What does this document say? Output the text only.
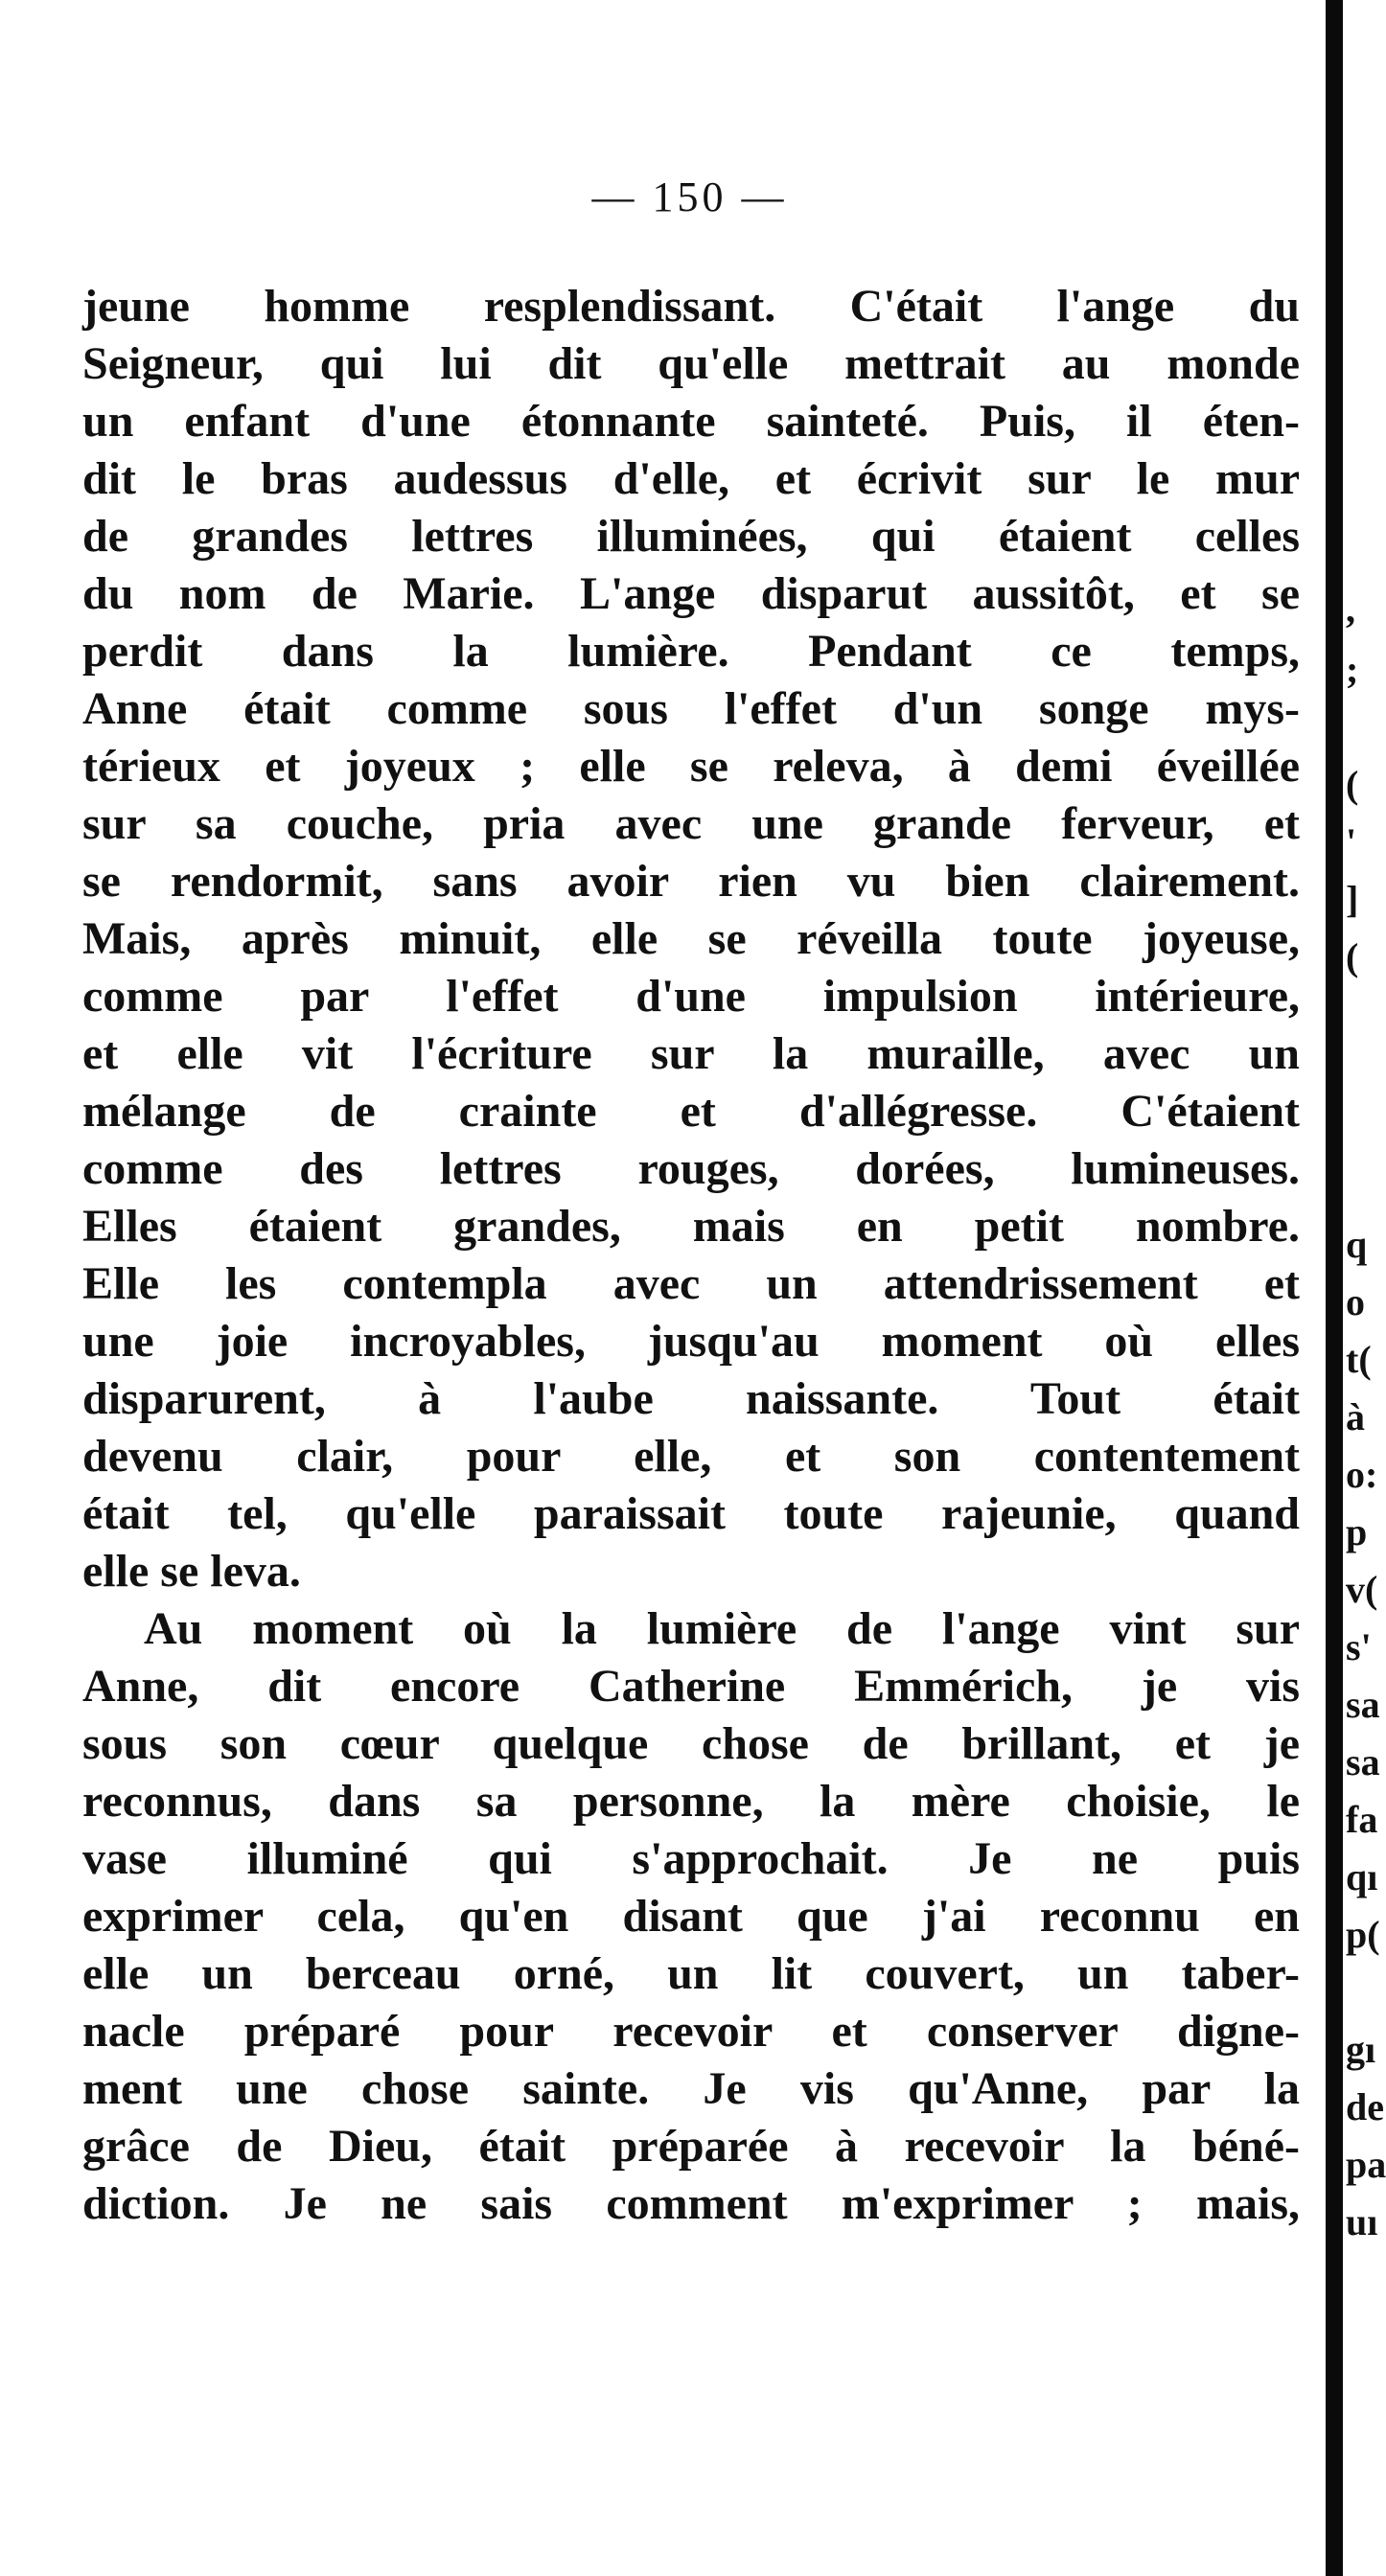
— 150 —
jeune homme resplendissant. C'était l'ange du
Seigneur, qui lui dit qu'elle mettrait au monde
un enfant d'une étonnante sainteté. Puis, il éten-
dit le bras audessus d'elle, et écrivit sur le mur
de grandes lettres illuminées, qui étaient celles
du nom de Marie. L'ange disparut aussitôt, et se
perdit dans la lumière. Pendant ce temps,
Anne était comme sous l'effet d'un songe mys-
térieux et joyeux ; elle se releva, à demi éveillée
sur sa couche, pria avec une grande ferveur, et
se rendormit, sans avoir rien vu bien clairement.
Mais, après minuit, elle se réveilla toute joyeuse,
comme par l'effet d'une impulsion intérieure,
et elle vit l'écriture sur la muraille, avec un
mélange de crainte et d'allégresse. C'étaient
comme des lettres rouges, dorées, lumineuses.
Elles étaient grandes, mais en petit nombre.
Elle les contempla avec un attendrissement et
une joie incroyables, jusqu'au moment où elles
disparurent, à l'aube naissante. Tout était
devenu clair, pour elle, et son contentement
était tel, qu'elle paraissait toute rajeunie, quand
elle se leva.
Au moment où la lumière de l'ange vint sur
Anne, dit encore Catherine Emmérich, je vis
sous son cœur quelque chose de brillant, et je
reconnus, dans sa personne, la mère choisie, le
vase illuminé qui s'approchait. Je ne puis
exprimer cela, qu'en disant que j'ai reconnu en
elle un berceau orné, un lit couvert, un taber-
nacle préparé pour recevoir et conserver digne-
ment une chose sainte. Je vis qu'Anne, par la
grâce de Dieu, était préparée à recevoir la béné-
diction. Je ne sais comment m'exprimer ; mais,
,
;
(
'
]
(
q
o
t(
à
o:
p
v(
s'
sa
sa
fa
qı
p(
gı
de
pa
uı
